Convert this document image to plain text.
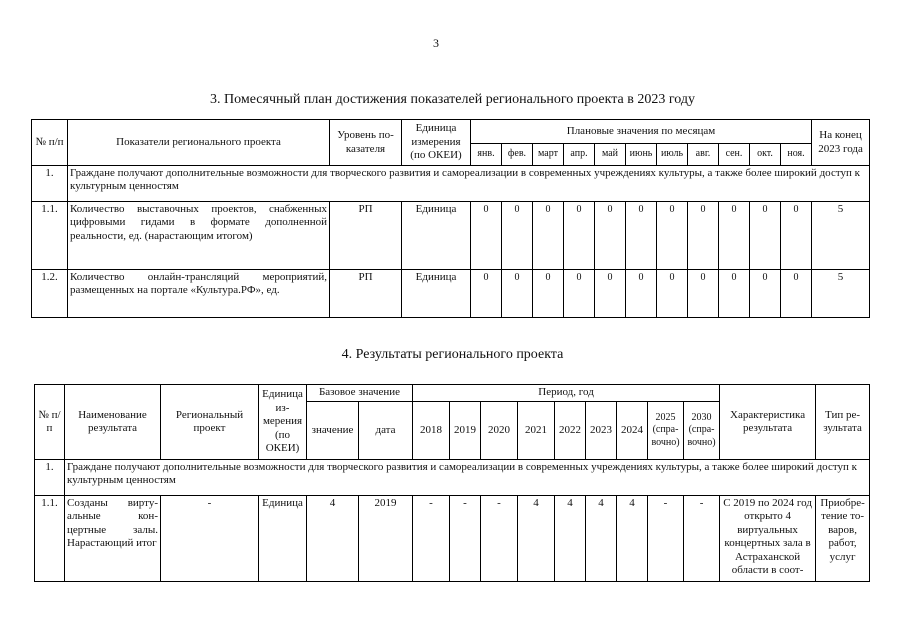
3
3. Помесячный план достижения показателей регионального проекта в 2023 году
№ п/п	Показатели регионального проекта	Уровень показателя	Единица измерения (по ОКЕИ)	Плановые значения по месяцам											На конец 2023 года
				янв.	фев.	март	апр.	май	июнь	июль	авг.	сен.	окт.	ноя.	
1.	Граждане получают дополнительные возможности для творческого развития и самореализации в современных учреждениях культуры, а также более широкий доступ к культурным ценностям														
1.1.	Количество выставочных проектов, снабженных цифровыми гидами в формате дополненной реальности, ед. (нарастающим итогом)	РП	Единица	0	0	0	0	0	0	0	0	0	0	0	5
1.2.	Количество онлайн-трансляций мероприятий, размещенных на портале «Культура.РФ», ед.	РП	Единица	0	0	0	0	0	0	0	0	0	0	0	5
4. Результаты регионального проекта
№ п/п	Наименование результата	Региональный проект	Единица измерения (по ОКЕИ)	Базовое значение		Период, год									Характеристика результата	Тип результата
				значение	дата	2018	2019	2020	2021	2022	2023	2024	2025 (справочно)	2030 (справочно)		
1.	Граждане получают дополнительные возможности для творческого развития и самореализации в современных учреждениях культуры, а также более широкий доступ к культурным ценностям															
1.1.	Созданы виртуальные концертные залы. Нарастающий итог	-	Единица	4	2019	-	-	-	4	4	4	4	-	-	С 2019 по 2024 год открыто 4 виртуальных концертных зала в Астраханской области в соот-	Приобретение товаров, работ, услуг
